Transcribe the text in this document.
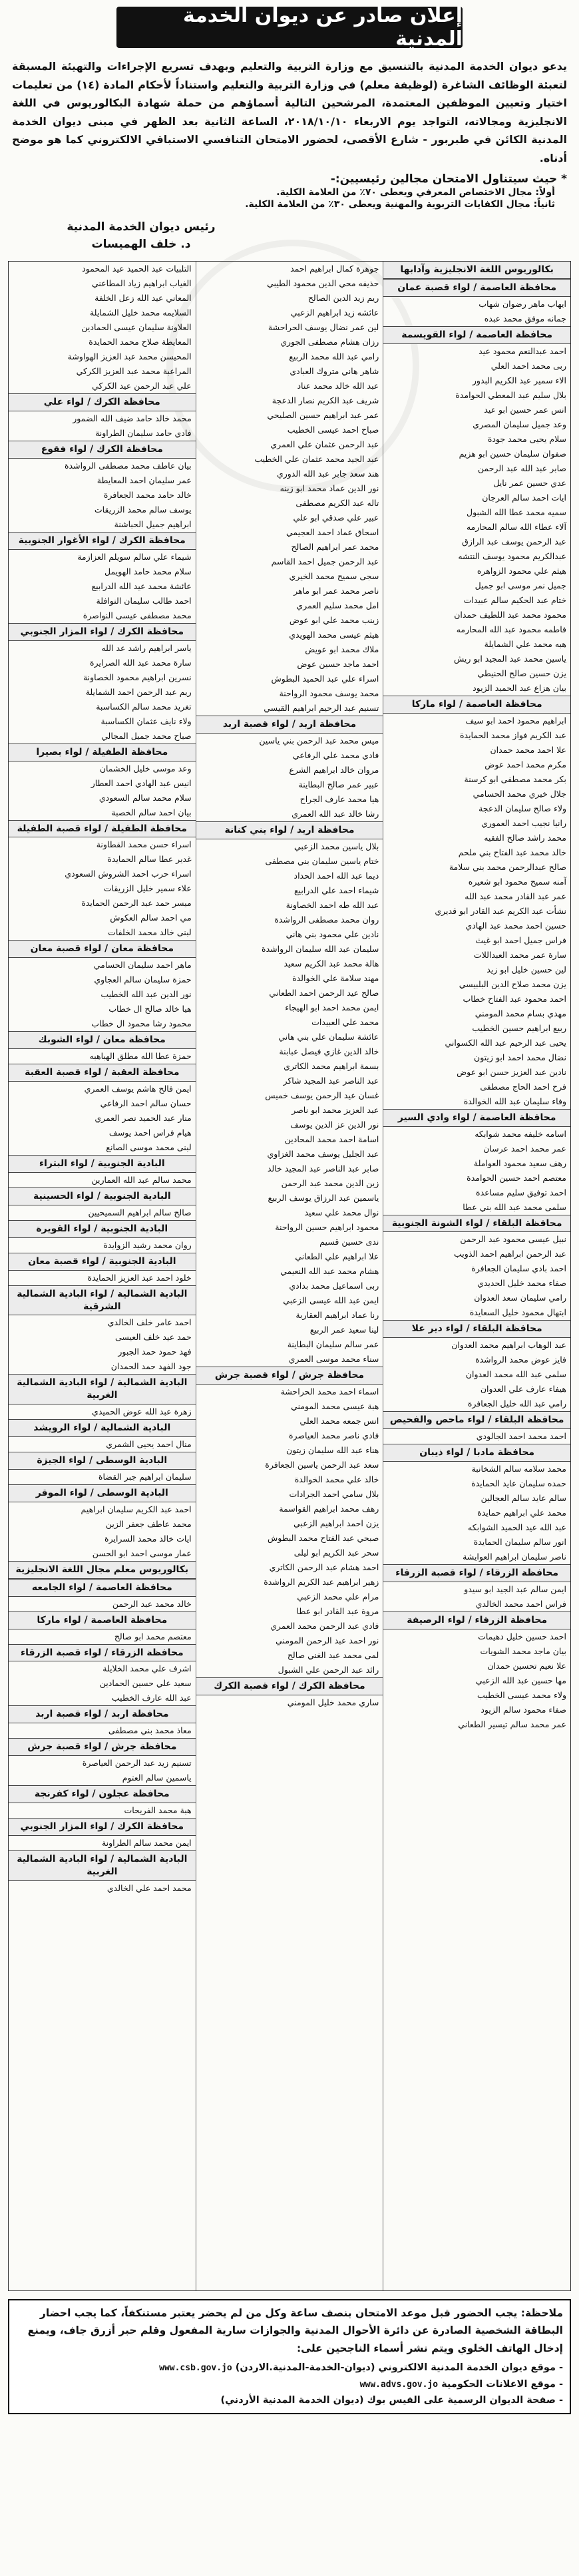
إعلان صادر عن ديوان الخدمة المدنية

يدعو ديوان الخدمة المدنية بالتنسيق مع وزارة التربية والتعليم وبهدف تسريع الإجراءات والتهيئة المسبقة لتعبئة الوظائف الشاغرة (لوظيفة معلم) في وزارة التربية والتعليم واستناداً لأحكام المادة (١٤) من تعليمات اختيار وتعيين الموظفين المعتمدة، المرشحين التالية أسماؤهم من حملة شهادة البكالوريوس في اللغة الانجليزية ومجالاته، التواجد يوم الاربعاء ٢٠١٨/١٠/١٠، الساعة الثانية بعد الظهر في مبنى ديوان الخدمة المدنية الكائن في طبربور - شارع الأقصى، لحضور الامتحان التنافسي الاستباقي الالكتروني كما هو موضح أدناه.

* حيث سيتناول الامتحان مجالين رئيسيين:-

أولاً: مجال الاختصاص المعرفي ويعطى ٧٠٪ من العلامة الكلية.

ثانياً: مجال الكفايات التربوية والمهنية ويعطى ٣٠٪ من العلامة الكلية.

رئيس ديوان الخدمة المدنية
د. خلف الهميسات
بكالوريوس اللغة الانجليزية وآدابها
محافظة العاصمة / لواء قصبة عمان
ايهاب ماهر رضوان شهاب
جمانه موفق محمد عبده
محافظة العاصمة / لواء القويسمة
احمد عبدالنعم محمود عيد
ربى محمد احمد العلي
الاء سمير عبد الكريم البدور
بلال سليم عبد المعطي الحوامدة
انس عمر حسين ابو عيد
وعد جميل سليمان المصري
سلام يحيى محمد جودة
صفوان سليمان حسين ابو هزيم
صابر عبد الله عبد الرحمن
عدي حسين عمر نايل
ايات احمد سالم العرجان
سميه محمد عطا الله الشبول
آلاء عطاء الله سالم المحارمه
عبد الرحمن يوسف عبد الرازق
عبدالكريم محمود يوسف النتشه
هيثم علي محمود الزواهره
جميل نمر موسى ابو جميل
ختام عبد الحكيم سالم عبيدات
محمود محمد عبد اللطيف حمدان
فاطمه محمود عبد الله المحارمه
هبه محمد علي الشمايلة
ياسين محمد عبد المجيد ابو ريش
يزن حسين صالح الحنيطي
بيان هزاع عبد الحميد الزيود
محافظة العاصمة / لواء ماركا
ابراهيم محمود احمد ابو سيف
عبد الكريم فواز محمد الحمايدة
علا احمد محمد حمدان
مكرم محمد احمد عوض
بكر محمد مصطفى ابو كرسنة
جلال خيري محمد الحسامي
ولاء صالح سليمان الدعجة
رانيا نجيب احمد العموري
محمد راشد صالح الفقيه
خالد محمد عبد الفتاح بني ملحم
صالح عبدالرحمن محمد بني سلامة
آمنه سميح محمود ابو شعيره
عمر عبد القادر محمد عبد الله
نشأت عبد الكريم عبد القادر ابو قديري
حسين احمد محمد عبد الهادي
فراس جميل احمد ابو غيث
سارة عمر محمد العبداللات
لين حسين خليل ابو زيد
يزن محمد صلاح الدين البلبيسي
احمد محمود عبد الفتاح خطاب
مهدي بسام محمد المومني
ربيع ابراهيم حسين الخطيب
يحيى عبد الرحيم عبد الله الكسواني
نضال محمد احمد ابو زيتون
نادين عبد العزيز حسن ابو عوض
فرح احمد الحاج مصطفى
وفاء سليمان عبد الله الخوالدة
محافظة العاصمة / لواء وادي السير
اسامه خليفه محمد شوابكه
عمر محمد احمد عرسان
رهف سعيد محمود العواملة
معتصم احمد حسين الحوامدة
احمد توفيق سليم مساعدة
سلمى محمد عبد الله بني عطا
محافظة البلقاء / لواء الشونة الجنوبية
نبيل عيسى محمود عبد الرحمن
عبد الرحمن ابراهيم احمد الذويب
احمد بادي سليمان الجعافرة
صفاء محمد خليل الحديدي
رامي سليمان سعد العدوان
ابتهال محمود خليل السعايدة
محافظة البلقاء / لواء دير علا
عبد الوهاب ابراهيم محمد العدوان
فايز عوض محمد الرواشدة
سلمى عبد الله محمد العدوان
هيفاء عارف علي العدوان
رامي عبد الله خليل الجعافرة
محافظة البلقاء / لواء ماحص والفحيص
احمد محمد احمد الجالودي
محافظة مادبا / لواء ذيبان
محمد سلامه سالم الشخانبة
حمده سليمان عايد الحمايدة
سالم عايد سالم العجالين
محمد علي ابراهيم حمايدة
عبد الله عيد الحميد الشوابكه
انور سالم سليمان الحمايدة
ناصر سليمان ابراهيم العوايشة
محافظة الزرقاء / لواء قصبة الزرقاء
ايمن سالم عبد الجيد ابو سيدو
فراس احمد محمد الخالدي
محافظة الزرقاء / لواء الرصيفة
احمد حسين خليل دهيمات
بيان ماجد محمد الشويات
علا نعيم تحسين حمدان
مها حسين عبد الله الزعبي
ولاء محمد عيسى الخطيب
صفاء محمود سالم الزيود
عمر محمد سالم تيسير الطعاني
جوهرة كمال ابراهيم احمد
حذيفه محي الدين محمود الطيبي
ريم زيد الدين الصالح
عائشه زيد ابراهيم الزعبي
لين عمر نضال يوسف الحراحشة
رزان هشام مصطفى الجوري
رامي عبد الله محمد الربيع
شاهر هاني متروك العبادي
عبد الله خالد محمد عناد
شريف عبد الكريم نصار الدعجة
عمر عبد ابراهيم حسين الصليحي
صباح احمد عيسى الخطيب
عبد الرحمن عثمان علي العمري
عبد الجيد محمد عثمان علي الخطيب
هند سعد جابر عبد الله الدوري
نور الدين عماد محمد ابو زينه
تاله عبد الكريم مصطفى
عبير علي صدقي ابو علي
اسحاق عماد احمد العجيمي
محمد عمر ابراهيم الصالح
عبد الرحمن جميل احمد القاسم
سجى سميح محمد الخيري
ناصر محمد عمر ابو ماهر
امل محمد سليم العمري
زينب محمد علي ابو عوض
هيثم عيسى محمد الهويدي
ملاك محمد ابو عويض
احمد ماجد حسين عوض
اسراء علي عبد الحميد البطوش
محمد يوسف محمود الرواحنة
تسنيم عبد الرحيم ابراهيم القيسي
محافظة اربد / لواء قصبة اربد
ميس محمد عبد الرحمن بني ياسين
فادي محمد علي الرفاعي
مروان خالد ابراهيم الشرع
عبير عمر صالح البطاينة
هيا محمد عارف الجراح
رشا خالد عبد الله العمري
محافظة اربد / لواء بني كنانة
بلال ياسين محمد الزعبي
ختام ياسين سليمان بني مصطفى
ديما عبد الله احمد الحداد
شيماء احمد علي الدرابيع
عبد الله طه احمد الخصاونة
روان محمد مصطفى الرواشدة
نادين علي محمود بني هاني
سليمان عبد الله سليمان الرواشدة
هالة محمد عبد الكريم سعيد
مهند سلامة علي الخوالدة
صالح عيد الرحمن احمد الطعاني
ايمن محمد احمد ابو الهيجاء
محمد علي العبيدات
عائشة سليمان علي بني هاني
خالد الدين غازي فيصل عبابنة
بسمة ابراهيم محمد الكاتري
عبد الناصر عبد المجيد شاكر
غسان عيد الرحمن يوسف خميس
عبد العزيز محمد ابو ناصر
نور الدين عز الدين يوسف
اسامة احمد محمد المحادين
عبد الجليل يوسف محمد الغزاوي
صابر عبد الناصر عبد المجيد خالد
زين الدين محمد عبد الرحمن
ياسمين عبد الرزاق يوسف الربيع
نوال محمد علي سعيد
محمود ابراهيم حسين الرواحنة
ندى حسين قسيم
علا ابراهيم علي الطعاني
هشام محمد عبد الله النعيمي
ربى اسماعيل محمد بدادي
ايمن عبد الله عيسى الزعبي
رنا عماد ابراهيم العقاربة
لينا سعيد عمر الربيع
عمر سالم سليمان البطاينة
سناء محمد موسى العمري
محافظة جرش / لواء قصبة جرش
اسماء احمد محمد الحراحشة
هبة عيسى محمد المومني
انس جمعه محمد العلي
فادي ناصر محمد العياصرة
هناء عبد الله سليمان زيتون
سعد عبد الرحمن ياسين الجعافرة
خالد علي محمد الخوالدة
بلال سامي احمد الجرادات
رهف محمد ابراهيم القواسمة
يزن احمد ابراهيم الزعبي
صبحي عبد الفتاح محمد البطوش
سحر عبد الكريم ابو ليلى
احمد هشام عبد الرحمن الكاتري
زهير ابراهيم عبد الكريم الرواشدة
مرام علي محمد الزعبي
مروة عبد القادر ابو عطا
فادي عبد الرحمن محمد العمري
نور احمد عبد الرحمن المومني
لمى محمد عبد الغني صالح
رائد عبد الرحمن علي الشبول
محافظة الكرك / لواء قصبة الكرك
ساري محمد خليل المومني
التلبيات عبد الحميد عيد المحمود
الغياب ابراهيم زياد المطاعني
المعاني عيد الله زعل الخلفة
السلايمه محمد خليل الشمايلة
العلاونة سليمان عيسى الحمادين
المعايطة صلاح محمد الحمايدة
المحيسن محمد عبد العزيز الهواوشة
المراعبة محمد عبد العزيز الكركي
علي عبد الرحمن عيد الكركي
محافظة الكرك / لواء علي
محمد خالد حامد ضيف الله الضمور
فادي حامد سليمان الطراونة
محافظة الكرك / لواء فقوع
بيان عاطف محمد مصطفى الرواشدة
عمر سليمان احمد المعايطة
خالد حامد محمد الجعافرة
يوسف سالم محمد الزريقات
ابراهيم جميل الحباشنة
محافظة الكرك / لواء الأغوار الجنوبية
شيماء علي سالم سويلم العزازمة
سلام محمد حامد الهويمل
عائشة محمد عيد الله الدرابيع
احمد طالب سليمان النوافلة
محمد مصطفى عيسى النواصرة
محافظة الكرك / لواء المزار الجنوبي
ياسر ابراهيم راشد عد الله
سارة محمد عبد الله الصرايرة
نسرين ابراهيم محمود الخصاونة
ريم عبد الرحمن احمد الشمايلة
تغريد محمد سالم الكساسبة
ولاء نايف عثمان الكساسبة
صباح محمد جميل المجالي
محافظة الطفيلة / لواء بصيرا
وعد موسى خليل الخشمان
انيس عبد الهادي احمد العطار
سلام محمد سالم السعودي
بيان احمد سالم الخصبة
محافظة الطفيلة / لواء قصبة الطفيلة
اسراء حسن محمد القطاونة
غدير عطا سالم الحمايدة
اسراء حرب احمد الشروش السعودي
علاء سمير خليل الزريقات
ميسر حمد عبد الرحمن الحمايدة
مي احمد سالم العكوش
لبنى خالد محمد الخلفات
محافظة معان / لواء قصبة معان
ماهر احمد سليمان الحسامي
حمزة سليمان سالم العجاوي
نور الدين عبد الله الخطيب
هيا خالد صالح ال خطاب
محمود رشا محمود ال خطاب
محافظة معان / لواء الشوبك
حمزة عطا الله مطلق الهباهبه
محافظة العقبة / لواء قصبة العقبة
ايمن فالح هاشم يوسف العمري
حسان سالم احمد الرفاعي
منار عبد الحميد نصر العمري
هيام فراس احمد يوسف
لبنى محمد موسى الصانع
البادية الجنوبية / لواء البتراء
محمد سالم عبد الله العمارين
البادية الجنوبية / لواء الحسينية
صالح سالم ابراهيم السميحيين
البادية الجنوبية / لواء القويرة
روان محمد رشيد الزوايدة
البادية الجنوبية / لواء قصبة معان
خلود احمد عبد العزيز الحمايدة
البادية الشمالية / لواء البادية الشمالية الشرقية
احمد عامر خلف الخالدي
حمد عيد خلف العيسى
فهد حمود حمد الجبور
جود الفهد حمد الحمدان
البادية الشمالية / لواء البادية الشمالية الغربية
زهرة عبد الله عوض الحميدي
البادية الشمالية / لواء الرويشد
منال احمد يحيى الشمري
البادية الوسطى / لواء الجيزة
سليمان ابراهيم جبر القضاة
البادية الوسطى / لواء الموقر
احمد عبد الكريم سليمان ابراهيم
محمد عاطف جعفر الزين
ايات خالد محمد السرايرة
عمار موسى احمد ابو الحسن
بكالوريوس معلم مجال اللغة الانجليزية
محافظة العاصمة / لواء الجامعه
خالد محمد عبد الرحمن
محافظة العاصمة / لواء ماركا
معتصم محمد ابو صالح
محافظة الزرقاء / لواء قصبة الزرقاء
اشرف علي محمد الخلايلة
سعيد علي حسين الحمادين
عبد الله عارف الخطيب
محافظة اربد / لواء قصبة اربد
معاذ محمد بني مصطفى
محافظة جرش / لواء قصبة جرش
تسنيم زيد عبد الرحمن العياصرة
ياسمين سالم العتوم
محافظة عجلون / لواء كفرنجة
هبة محمد الفريحات
محافظة الكرك / لواء المزار الجنوبي
ايمن محمد سالم الطراونة
البادية الشمالية / لواء البادية الشمالية الغربية
محمد احمد علي الخالدي
ملاحظة: يجب الحضور قبل موعد الامتحان بنصف ساعة وكل من لم يحضر يعتبر مستنكفاً، كما يجب احضار البطاقة الشخصية الصادرة عن دائرة الأحوال المدنية والجوازات سارية المفعول وقلم حبر أزرق جاف، ويمنع إدخال الهاتف الخلوي ويتم نشر أسماء الناجحين على:
- موقع ديوان الخدمة المدنية الالكتروني (ديوان-الخدمة-المدنية.الاردن) www.csb.gov.jo
- موقع الاعلانات الحكومية www.advs.gov.jo
- صفحة الديوان الرسمية على الفيس بوك (ديوان الخدمة المدنية الأردني)
